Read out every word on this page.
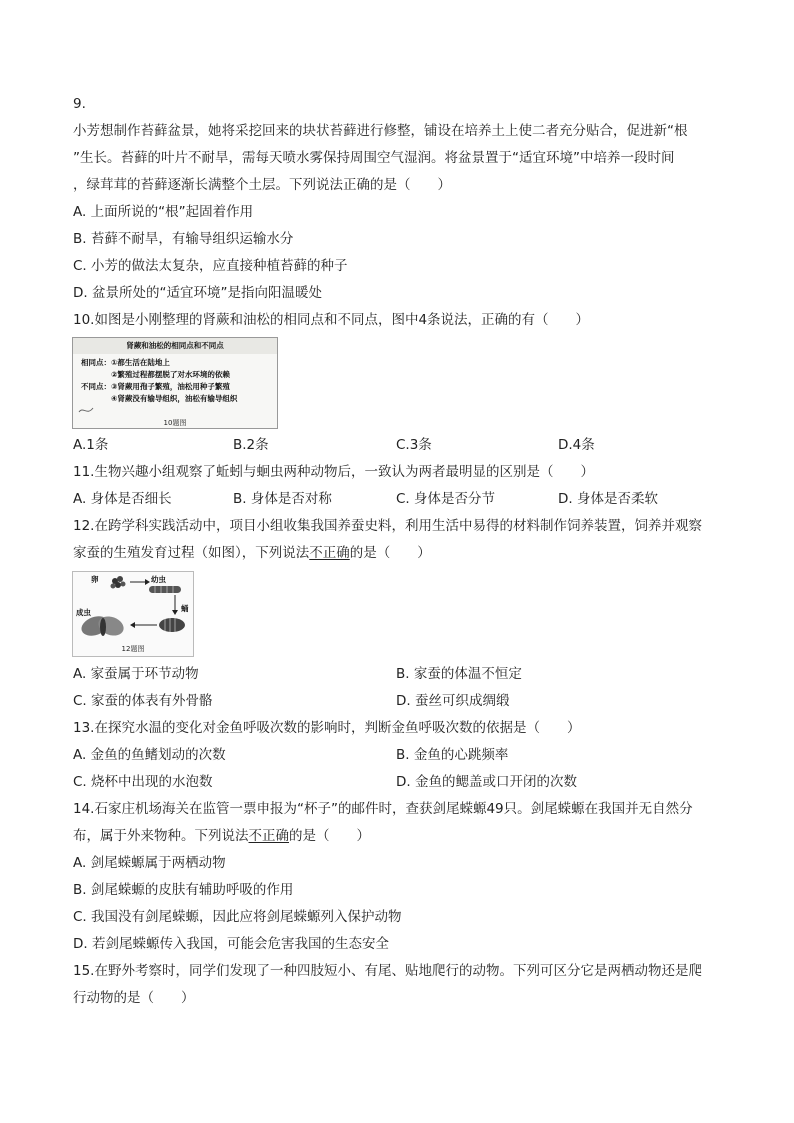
9.
小芳想制作苔藓盆景，她将采挖回来的块状苔藓进行修整，铺设在培养土上使二者充分贴合，促进新“根
”生长。苔藓的叶片不耐旱，需每天喷水雾保持周围空气湿润。将盆景置于“适宜环境”中培养一段时间
，绿茸茸的苔藓逐渐长满整个土层。下列说法正确的是（　　）
A. 上面所说的“根”起固着作用
B. 苔藓不耐旱，有输导组织运输水分
C. 小芳的做法太复杂，应直接种植苔藓的种子
D. 盆景所处的“适宜环境”是指向阳温暖处
10.如图是小刚整理的肾蕨和油松的相同点和不同点，图中4条说法，正确的有（　　）
肾蕨和油松的相同点和不同点
相同点：①都生活在陆地上
②繁殖过程都摆脱了对水环境的依赖
不同点：③肾蕨用孢子繁殖，油松用种子繁殖
④肾蕨没有输导组织，油松有输导组织
10题图
A.1条	B.2条	C.3条	D.4条
11.生物兴趣小组观察了蚯蚓与蛔虫两种动物后，一致认为两者最明显的区别是（　　）
A. 身体是否细长	B. 身体是否对称	C. 身体是否分节	D. 身体是否柔软
12.在跨学科实践活动中，项目小组收集我国养蚕史料，利用生活中易得的材料制作饲养装置，饲养并观察
家蚕的生殖发育过程（如图），下列说法不正确的是（　　）
卵	幼虫
蛹
成虫
12题图
A. 家蚕属于环节动物	B. 家蚕的体温不恒定
C. 家蚕的体表有外骨骼	D. 蚕丝可织成绸缎
13.在探究水温的变化对金鱼呼吸次数的影响时，判断金鱼呼吸次数的依据是（　　）
A. 金鱼的鱼鳍划动的次数	B. 金鱼的心跳频率
C. 烧杯中出现的水泡数	D. 金鱼的鳃盖或口开闭的次数
14.石家庄机场海关在监管一票申报为“杯子”的邮件时，查获剑尾蝾螈49只。剑尾蝾螈在我国并无自然分
布，属于外来物种。下列说法不正确的是（　　）
A. 剑尾蝾螈属于两栖动物
B. 剑尾蝾螈的皮肤有辅助呼吸的作用
C. 我国没有剑尾蝾螈，因此应将剑尾蝾螈列入保护动物
D. 若剑尾蝾螈传入我国，可能会危害我国的生态安全
15.在野外考察时，同学们发现了一种四肢短小、有尾、贴地爬行的动物。下列可区分它是两栖动物还是爬
行动物的是（　　）
